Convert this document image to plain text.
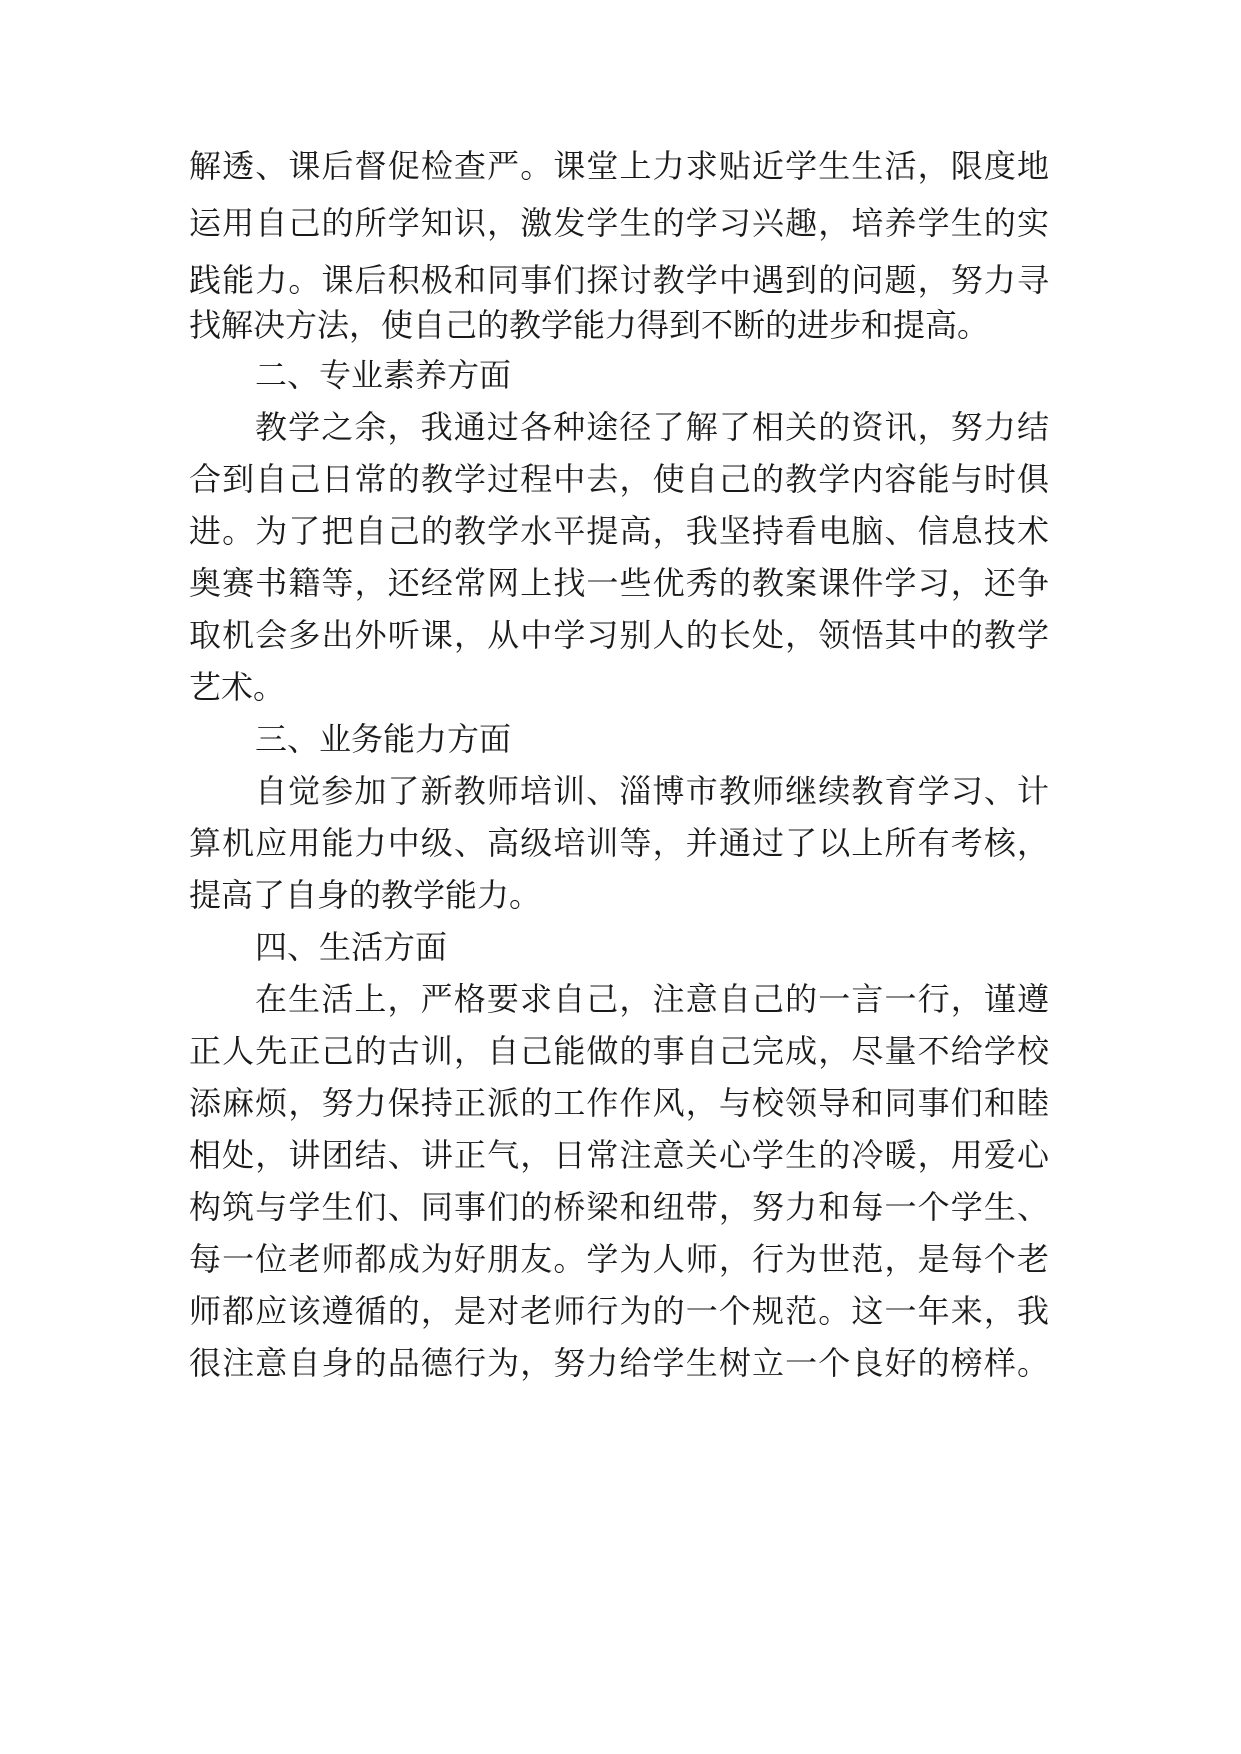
解透、课后督促检查严。课堂上力求贴近学生生活，限度地
运用自己的所学知识，激发学生的学习兴趣，培养学生的实
践能力。课后积极和同事们探讨教学中遇到的问题，努力寻
找解决方法，使自己的教学能力得到不断的进步和提高。
二、专业素养方面
教学之余，我通过各种途径了解了相关的资讯，努力结
合到自己日常的教学过程中去，使自己的教学内容能与时俱
进。为了把自己的教学水平提高，我坚持看电脑、信息技术
奥赛书籍等，还经常网上找一些优秀的教案课件学习，还争
取机会多出外听课，从中学习别人的长处，领悟其中的教学
艺术。
三、业务能力方面
自觉参加了新教师培训、淄博市教师继续教育学习、计
算机应用能力中级、高级培训等，并通过了以上所有考核，
提高了自身的教学能力。
四、生活方面
在生活上，严格要求自己，注意自己的一言一行，谨遵
正人先正己的古训，自己能做的事自己完成，尽量不给学校
添麻烦，努力保持正派的工作作风，与校领导和同事们和睦
相处，讲团结、讲正气，日常注意关心学生的冷暖，用爱心
构筑与学生们、同事们的桥梁和纽带，努力和每一个学生、
每一位老师都成为好朋友。学为人师，行为世范，是每个老
师都应该遵循的，是对老师行为的一个规范。这一年来，我
很注意自身的品德行为，努力给学生树立一个良好的榜样。
